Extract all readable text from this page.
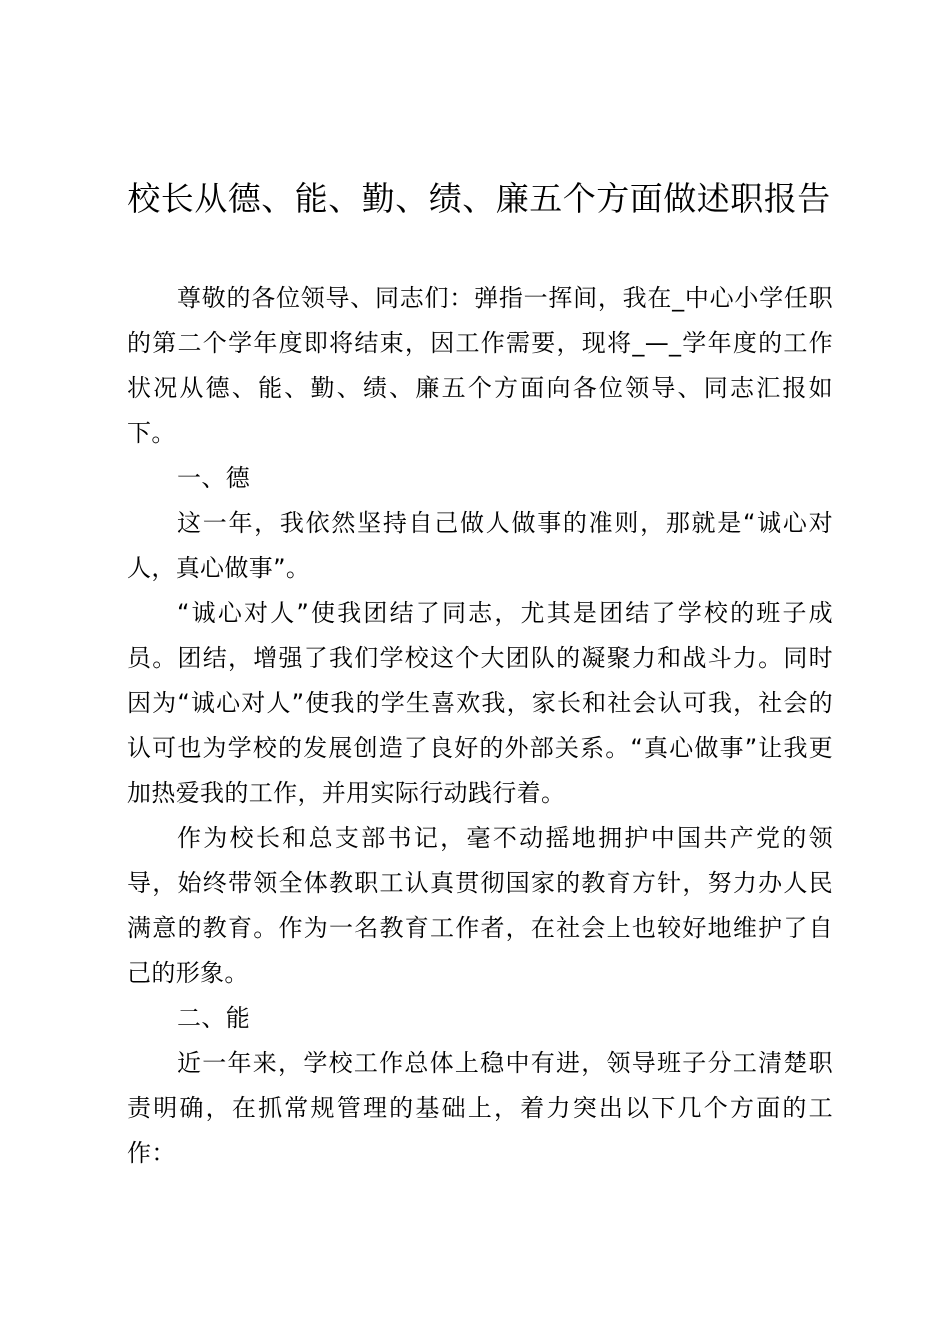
校长从德、能、勤、绩、廉五个方面做述职报告

尊敬的各位领导、同志们：弹指一挥间，我在_中心小学任职的第二个学年度即将结束，因工作需要，现将_—_学年度的工作状况从德、能、勤、绩、廉五个方面向各位领导、同志汇报如下。

一、德

这一年，我依然坚持自己做人做事的准则，那就是“诚心对人，真心做事”。

“诚心对人”使我团结了同志，尤其是团结了学校的班子成员。团结，增强了我们学校这个大团队的凝聚力和战斗力。同时因为“诚心对人”使我的学生喜欢我，家长和社会认可我，社会的认可也为学校的发展创造了良好的外部关系。“真心做事”让我更加热爱我的工作，并用实际行动践行着。

作为校长和总支部书记，毫不动摇地拥护中国共产党的领导，始终带领全体教职工认真贯彻国家的教育方针，努力办人民满意的教育。作为一名教育工作者，在社会上也较好地维护了自己的形象。

二、能

近一年来，学校工作总体上稳中有进，领导班子分工清楚职责明确，在抓常规管理的基础上，着力突出以下几个方面的工作：
